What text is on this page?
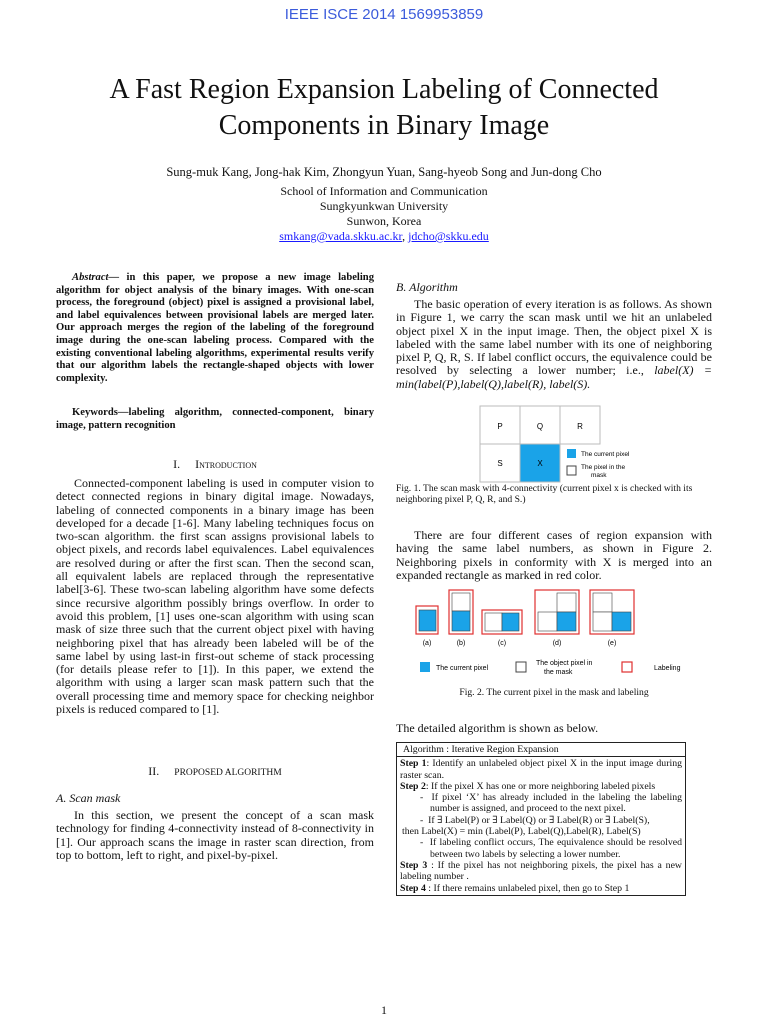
IEEE ISCE 2014 1569953859
A Fast Region Expansion Labeling of Connected
Components in Binary Image
Sung-muk Kang, Jong-hak Kim, Zhongyun Yuan, Sang-hyeob Song and Jun-dong Cho
School of Information and Communication
Sungkyunkwan University
Sunwon, Korea
smkang@vada.skku.ac.kr, jdcho@skku.edu
Abstract— in this paper, we propose a new image labeling algorithm for object analysis of the binary images. With one-scan process, the foreground (object) pixel is assigned a provisional label, and label equivalences between provisional labels are merged later. Our approach merges the region of the labeling of the foreground image during the one-scan labeling process. Compared with the existing conventional labeling algorithms, experimental results verify that our algorithm labels the rectangle-shaped objects with lower complexity.
Keywords—labeling algorithm, connected-component, binary image, pattern recognition
I. Introduction
Connected-component labeling is used in computer vision to detect connected regions in binary digital image. Nowadays, labeling of connected components in a binary image has been developed for a decade [1-6]. Many labeling techniques focus on two-scan algorithm. the first scan assigns provisional labels to object pixels, and records label equivalences. Label equivalences are resolved during or after the first scan. Then the second scan, all equivalent labels are replaced through the representative label[3-6]. These two-scan labeling algorithm have some defects since recursive algorithm possibly brings overflow. In order to avoid this problem, [1] uses one-scan algorithm with using scan mask of size three such that the current object pixel with having neighboring pixel that has already been labeled will be of the same label by using last-in first-out scheme of stack processing (for details please refer to [1]). In this paper, we extend the algorithm with using a larger scan mask pattern such that the overall processing time and memory space for checking neighbor pixels is reduced compared to [1].
II. PROPOSED ALGORITHM
A. Scan mask
In this section, we present the concept of a scan mask technology for finding 4-connectivity instead of 8-connectivity in [1]. Our approach scans the image in raster scan direction, from top to bottom, left to right, and pixel-by-pixel.
B. Algorithm
The basic operation of every iteration is as follows. As shown in Figure 1, we carry the scan mask until we hit an unlabeled object pixel X in the input image. Then, the object pixel X is labeled with the same label number with its one of neighboring pixel P, Q, R, S. If label conflict occurs, the equivalence could be resolved by selecting a lower number; i.e., label(X) = min(label(P),label(Q),label(R), label(S).
P	Q	R
S	X
The current pixel
The pixel in the
mask
Fig. 1. The scan mask with 4-connectivity (current pixel x is checked with its neighboring pixel P, Q, R, and S.)
There are four different cases of region expansion with having the same label numbers, as shown in Figure 2. Neighboring pixels in conformity with X is merged into an expanded rectangle as marked in red color.
(a)	(b)	(c)	(d)	(e)
The current pixel
The object pixel in
the mask
Labeling
Fig. 2. The current pixel in the mask and labeling
The detailed algorithm is shown as below.
Algorithm : Iterative Region Expansion

Step 1: Identify an unlabeled object pixel X in the input image during raster scan.
Step 2: If the pixel X has one or more neighboring labeled pixels
-  If pixel ‘X’ has already included in the labeling the labeling number is assigned, and proceed to the next pixel.
-  If ∃ Label(P) or ∃ Label(Q) or ∃ Label(R) or ∃ Label(S),
then Label(X) = min (Label(P), Label(Q),Label(R), Label(S)
-  If labeling conflict occurs, The equivalence should be resolved between two labels by selecting a lower number.
Step 3 : If the pixel has not neighboring pixels, the pixel has a new labeling number .
Step 4 : If there remains unlabeled pixel, then go to Step 1
1
